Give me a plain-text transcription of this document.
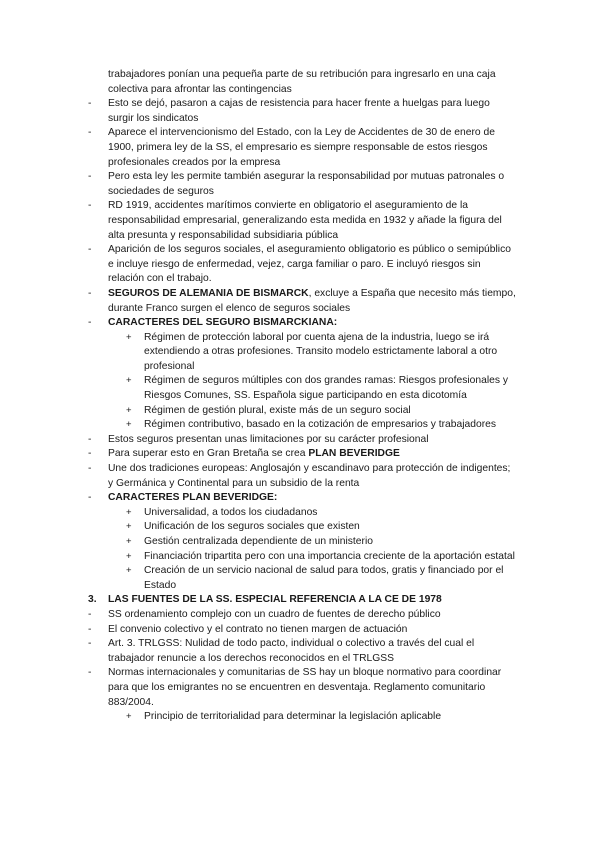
trabajadores ponían una pequeña parte de su retribución para ingresarlo en una caja colectiva para afrontar las contingencias
- Esto se dejó, pasaron a cajas de resistencia para hacer frente a huelgas para luego surgir los sindicatos
- Aparece el intervencionismo del Estado, con la Ley de Accidentes de 30 de enero de 1900, primera ley de la SS, el empresario es siempre responsable de estos riesgos profesionales creados por la empresa
- Pero esta ley les permite también asegurar la responsabilidad por mutuas patronales o sociedades de seguros
- RD 1919, accidentes marítimos convierte en obligatorio el aseguramiento de la responsabilidad empresarial, generalizando esta medida en 1932 y añade la figura del alta presunta y responsabilidad subsidiaria pública
- Aparición de los seguros sociales, el aseguramiento obligatorio es público o semipúblico e incluye riesgo de enfermedad, vejez, carga familiar o paro. E incluyó riesgos sin relación con el trabajo.
- SEGUROS DE ALEMANIA DE BISMARCK, excluye a España que necesito más tiempo, durante Franco surgen el elenco de seguros sociales
- CARACTERES DEL SEGURO BISMARCKIANA:
+ Régimen de protección laboral por cuenta ajena de la industria, luego se irá extendiendo a otras profesiones. Transito modelo estrictamente laboral a otro profesional
+ Régimen de seguros múltiples con dos grandes ramas: Riesgos profesionales y Riesgos Comunes, SS. Española sigue participando en esta dicotomía
+ Régimen de gestión plural, existe más de un seguro social
+ Régimen contributivo, basado en la cotización de empresarios y trabajadores
- Estos seguros presentan unas limitaciones por su carácter profesional
- Para superar esto en Gran Bretaña se crea PLAN BEVERIDGE
- Une dos tradiciones europeas: Anglosajón y escandinavo para protección de indigentes; y Germánica y Continental para un subsidio de la renta
- CARACTERES PLAN BEVERIDGE:
+ Universalidad, a todos los ciudadanos
+ Unificación de los seguros sociales que existen
+ Gestión centralizada dependiente de un ministerio
+ Financiación tripartita pero con una importancia creciente de la aportación estatal
+ Creación de un servicio nacional de salud para todos, gratis y financiado por el Estado
3. LAS FUENTES DE LA SS. ESPECIAL REFERENCIA A LA CE DE 1978
- SS ordenamiento complejo con un cuadro de fuentes de derecho público
- El convenio colectivo y el contrato no tienen margen de actuación
- Art. 3. TRLGSS: Nulidad de todo pacto, individual o colectivo a través del cual el trabajador renuncie a los derechos reconocidos en el TRLGSS
- Normas internacionales y comunitarias de SS hay un bloque normativo para coordinar para que los emigrantes no se encuentren en desventaja. Reglamento comunitario 883/2004.
+ Principio de territorialidad para determinar la legislación aplicable
